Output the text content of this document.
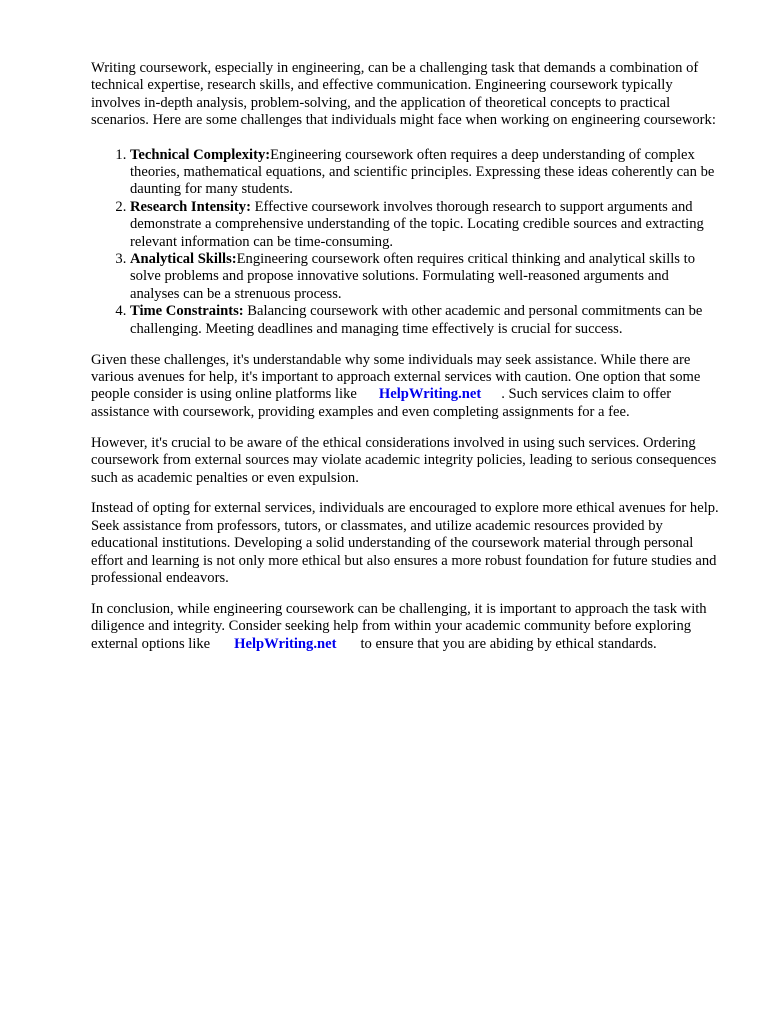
Writing coursework, especially in engineering, can be a challenging task that demands a combination of technical expertise, research skills, and effective communication. Engineering coursework typically involves in-depth analysis, problem-solving, and the application of theoretical concepts to practical scenarios. Here are some challenges that individuals might face when working on engineering coursework:

1. Technical Complexity:Engineering coursework often requires a deep understanding of complex theories, mathematical equations, and scientific principles. Expressing these ideas coherently can be daunting for many students.
2. Research Intensity: Effective coursework involves thorough research to support arguments and demonstrate a comprehensive understanding of the topic. Locating credible sources and extracting relevant information can be time-consuming.
3. Analytical Skills:Engineering coursework often requires critical thinking and analytical skills to solve problems and propose innovative solutions. Formulating well-reasoned arguments and analyses can be a strenuous process.
4. Time Constraints: Balancing coursework with other academic and personal commitments can be challenging. Meeting deadlines and managing time effectively is crucial for success.

Given these challenges, it's understandable why some individuals may seek assistance. While there are various avenues for help, it's important to approach external services with caution. One option that some people consider is using online platforms like HelpWriting.net . Such services claim to offer assistance with coursework, providing examples and even completing assignments for a fee.

However, it's crucial to be aware of the ethical considerations involved in using such services. Ordering coursework from external sources may violate academic integrity policies, leading to serious consequences such as academic penalties or even expulsion.

Instead of opting for external services, individuals are encouraged to explore more ethical avenues for help. Seek assistance from professors, tutors, or classmates, and utilize academic resources provided by educational institutions. Developing a solid understanding of the coursework material through personal effort and learning is not only more ethical but also ensures a more robust foundation for future studies and professional endeavors.

In conclusion, while engineering coursework can be challenging, it is important to approach the task with diligence and integrity. Consider seeking help from within your academic community before exploring external options like HelpWriting.net to ensure that you are abiding by ethical standards.
